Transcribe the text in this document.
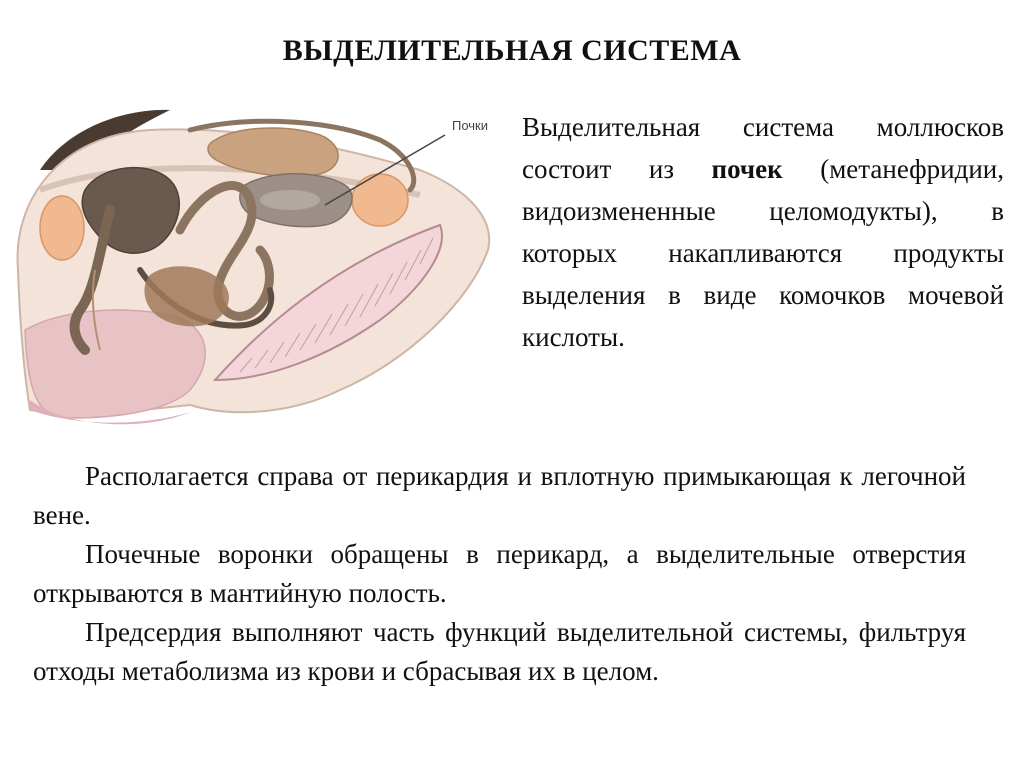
ВЫДЕЛИТЕЛЬНАЯ СИСТЕМА
Почки Выделительная система моллюсков состоит из почек (метанефридии, видоизмененные целомодукты), в которых накапливаются продукты выделения в виде комочков мочевой кислоты.

Располагается справа от перикардия и вплотную примыкающая к легочной вене.

Почечные воронки обращены в перикард, а выделительные отверстия открываются в мантийную полость.

Предсердия выполняют часть функций выделительной системы, фильтруя отходы метаболизма из крови и сбрасывая их в целом.
